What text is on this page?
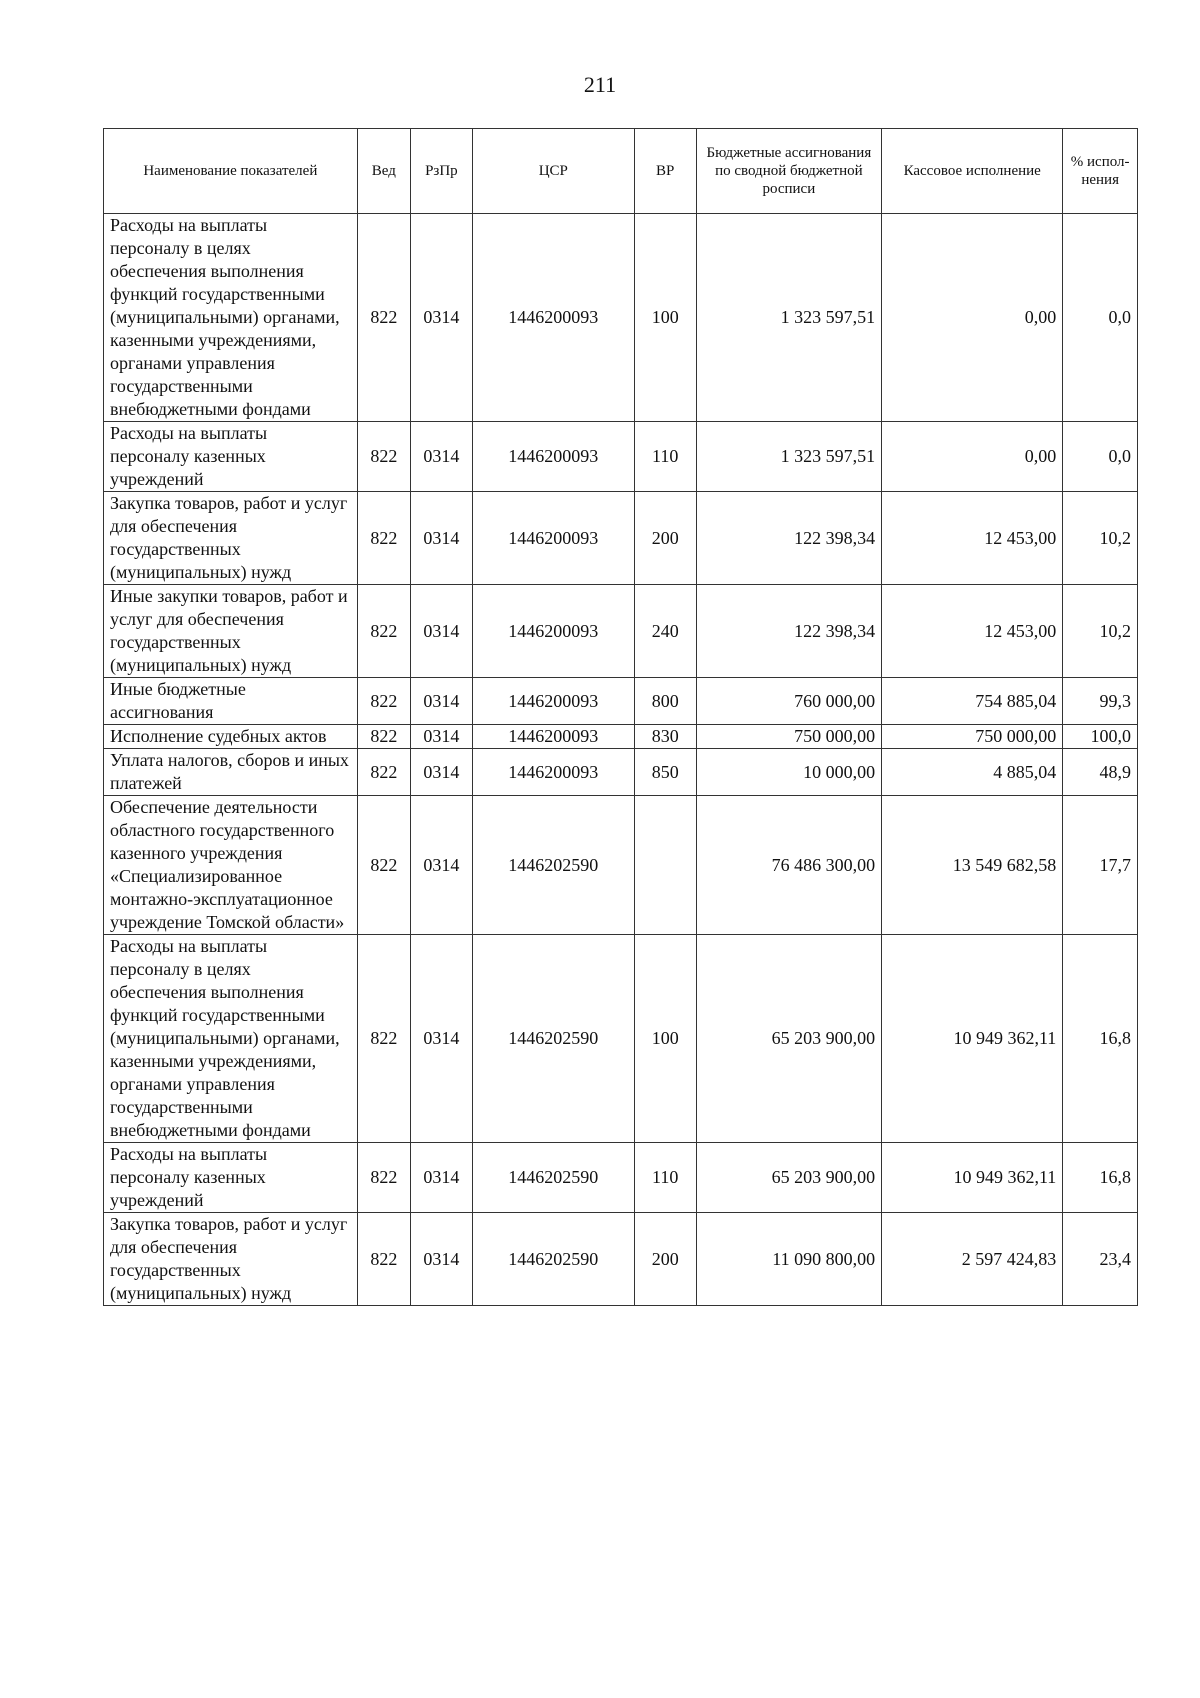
211
Наименование показателей	Вед	РзПр	ЦСР	ВР	Бюджетные ассигнования по сводной бюджетной росписи	Кассовое исполнение	% испол-нения
Расходы на выплаты персоналу в целях обеспечения выполнения функций государственными (муниципальными) органами, казенными учреждениями, органами управления государственными внебюджетными фондами	822	0314	1446200093	100	1 323 597,51	0,00	0,0
Расходы на выплаты персоналу казенных учреждений	822	0314	1446200093	110	1 323 597,51	0,00	0,0
Закупка товаров, работ и услуг для обеспечения государственных (муниципальных) нужд	822	0314	1446200093	200	122 398,34	12 453,00	10,2
Иные закупки товаров, работ и услуг для обеспечения государственных (муниципальных) нужд	822	0314	1446200093	240	122 398,34	12 453,00	10,2
Иные бюджетные ассигнования	822	0314	1446200093	800	760 000,00	754 885,04	99,3
Исполнение судебных актов	822	0314	1446200093	830	750 000,00	750 000,00	100,0
Уплата налогов, сборов и иных платежей	822	0314	1446200093	850	10 000,00	4 885,04	48,9
Обеспечение деятельности областного государственного казенного учреждения «Специализированное монтажно-эксплуатационное учреждение Томской области»	822	0314	1446202590		76 486 300,00	13 549 682,58	17,7
Расходы на выплаты персоналу в целях обеспечения выполнения функций государственными (муниципальными) органами, казенными учреждениями, органами управления государственными внебюджетными фондами	822	0314	1446202590	100	65 203 900,00	10 949 362,11	16,8
Расходы на выплаты персоналу казенных учреждений	822	0314	1446202590	110	65 203 900,00	10 949 362,11	16,8
Закупка товаров, работ и услуг для обеспечения государственных (муниципальных) нужд	822	0314	1446202590	200	11 090 800,00	2 597 424,83	23,4
